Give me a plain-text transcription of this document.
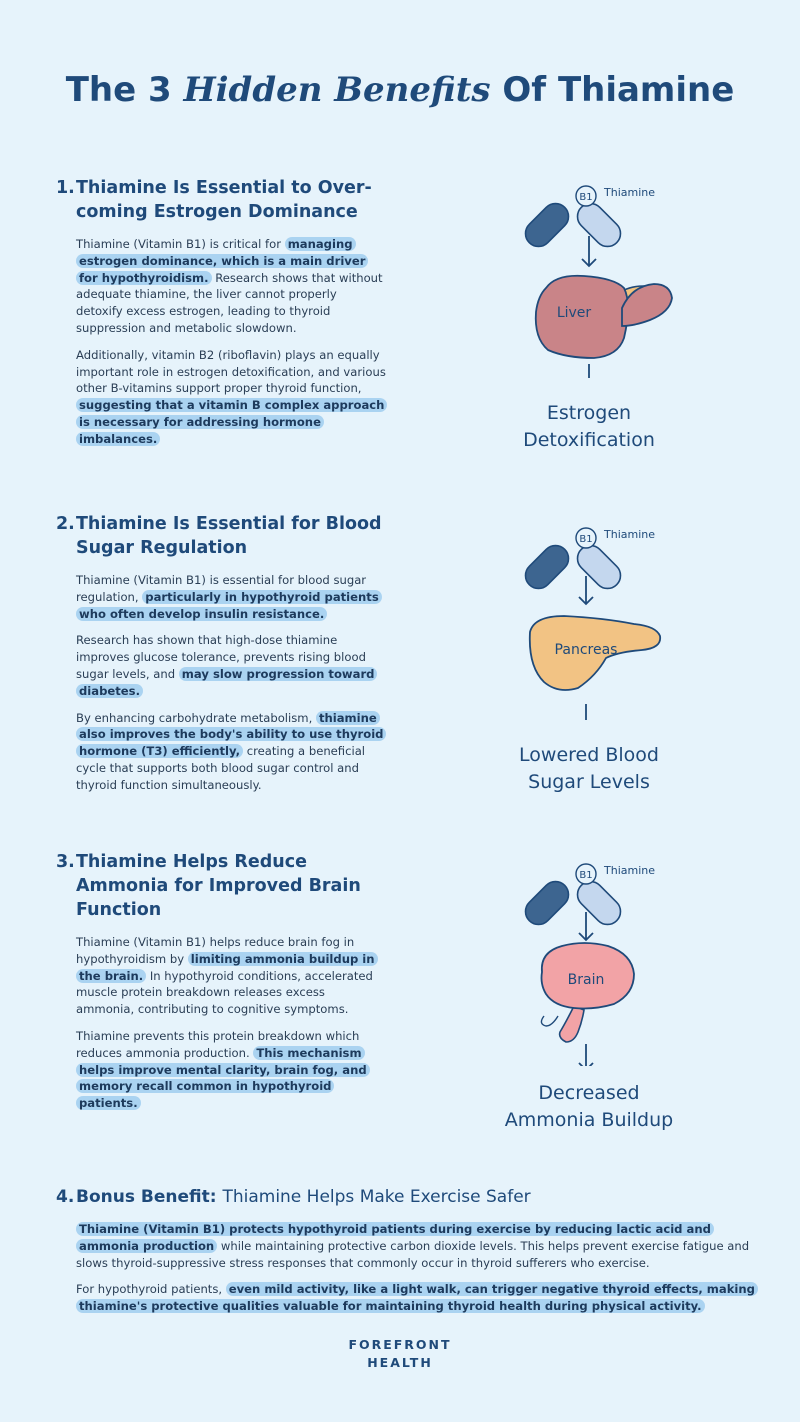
The 3 Hidden Benefits Of Thiamine
1. Thiamine Is Essential to Over-coming Estrogen Dominance

Thiamine (Vitamin B1) is critical for managing estrogen dominance, which is a main driver for hypothyroidism. Research shows that without adequate thiamine, the liver cannot properly detoxify excess estrogen, leading to thyroid suppression and metabolic slowdown.

Additionally, vitamin B2 (riboflavin) plays an equally important role in estrogen detoxification, and various other B-vitamins support proper thyroid function, suggesting that a vitamin B complex approach is necessary for addressing hormone imbalances.

2. Thiamine Is Essential for Blood Sugar Regulation

Thiamine (Vitamin B1) is essential for blood sugar regulation, particularly in hypothyroid patients who often develop insulin resistance.

Research has shown that high-dose thiamine improves glucose tolerance, prevents rising blood sugar levels, and may slow progression toward diabetes.

By enhancing carbohydrate metabolism, thiamine also improves the body's ability to use thyroid hormone (T3) efficiently, creating a beneficial cycle that supports both blood sugar control and thyroid function simultaneously.

3. Thiamine Helps Reduce Ammonia for Improved Brain Function

Thiamine (Vitamin B1) helps reduce brain fog in hypothyroidism by limiting ammonia buildup in the brain. In hypothyroid conditions, accelerated muscle protein breakdown releases excess ammonia, contributing to cognitive symptoms.

Thiamine prevents this protein breakdown which reduces ammonia production. This mechanism helps improve mental clarity, brain fog, and memory recall common in hypothyroid patients.

B1 Thiamine
Liver
Estrogen
Detoxification
B1 Thiamine
Pancreas
Lowered Blood
Sugar Levels
B1 Thiamine
Brain
Decreased
Ammonia Buildup
4. Bonus Benefit: Thiamine Helps Make Exercise Safer

Thiamine (Vitamin B1) protects hypothyroid patients during exercise by reducing lactic acid and ammonia production while maintaining protective carbon dioxide levels. This helps prevent exercise fatigue and slows thyroid-suppressive stress responses that commonly occur in thyroid sufferers who exercise.

For hypothyroid patients, even mild activity, like a light walk, can trigger negative thyroid effects, making thiamine's protective qualities valuable for maintaining thyroid health during physical activity.

FOREFRONT
HEALTH
